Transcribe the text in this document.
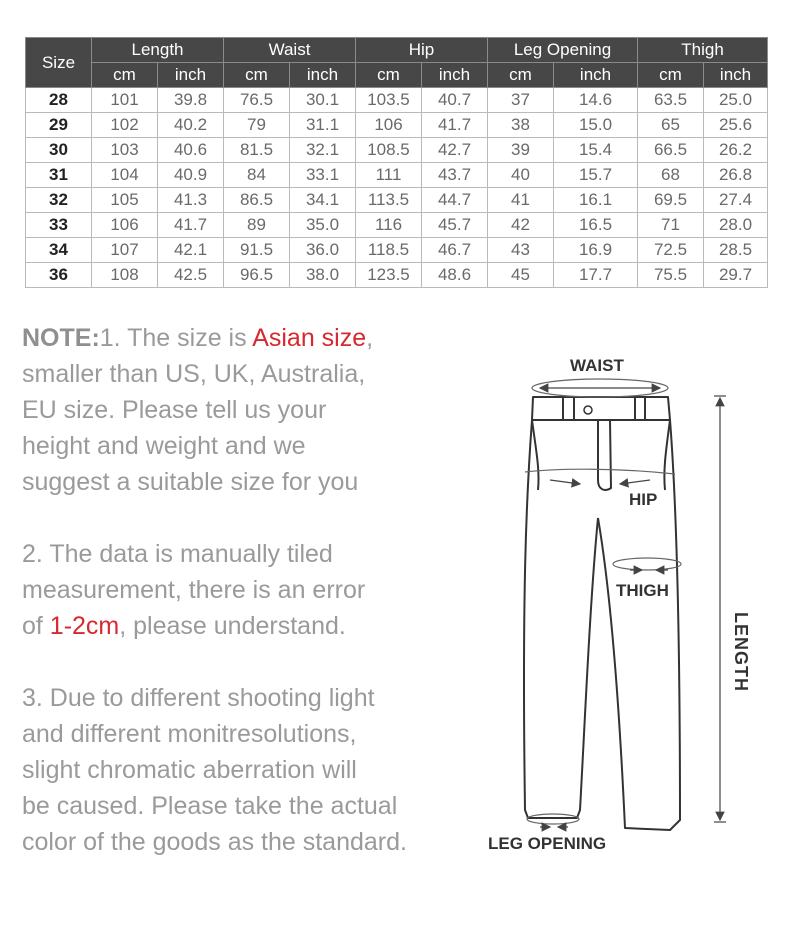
Size	Length		Waist		Hip		Leg Opening		Thigh	
	cm	inch	cm	inch	cm	inch	cm	inch	cm	inch
28	101	39.8	76.5	30.1	103.5	40.7	37	14.6	63.5	25.0
29	102	40.2	79	31.1	106	41.7	38	15.0	65	25.6
30	103	40.6	81.5	32.1	108.5	42.7	39	15.4	66.5	26.2
31	104	40.9	84	33.1	111	43.7	40	15.7	68	26.8
32	105	41.3	86.5	34.1	113.5	44.7	41	16.1	69.5	27.4
33	106	41.7	89	35.0	116	45.7	42	16.5	71	28.0
34	107	42.1	91.5	36.0	118.5	46.7	43	16.9	72.5	28.5
36	108	42.5	96.5	38.0	123.5	48.6	45	17.7	75.5	29.7

NOTE:1. The size is Asian size,
smaller than US, UK, Australia,
EU size. Please tell us your
height and weight and we
suggest a suitable size for you

2. The data is manually tiled
measurement, there is an error
of 1-2cm, please understand.

3. Due to different shooting light
and different monitresolutions,
slight chromatic aberration will
be caused. Please take the actual
color of the goods as the standard.

WAIST
HIP
THIGH
LEG OPENING
LENGTH
